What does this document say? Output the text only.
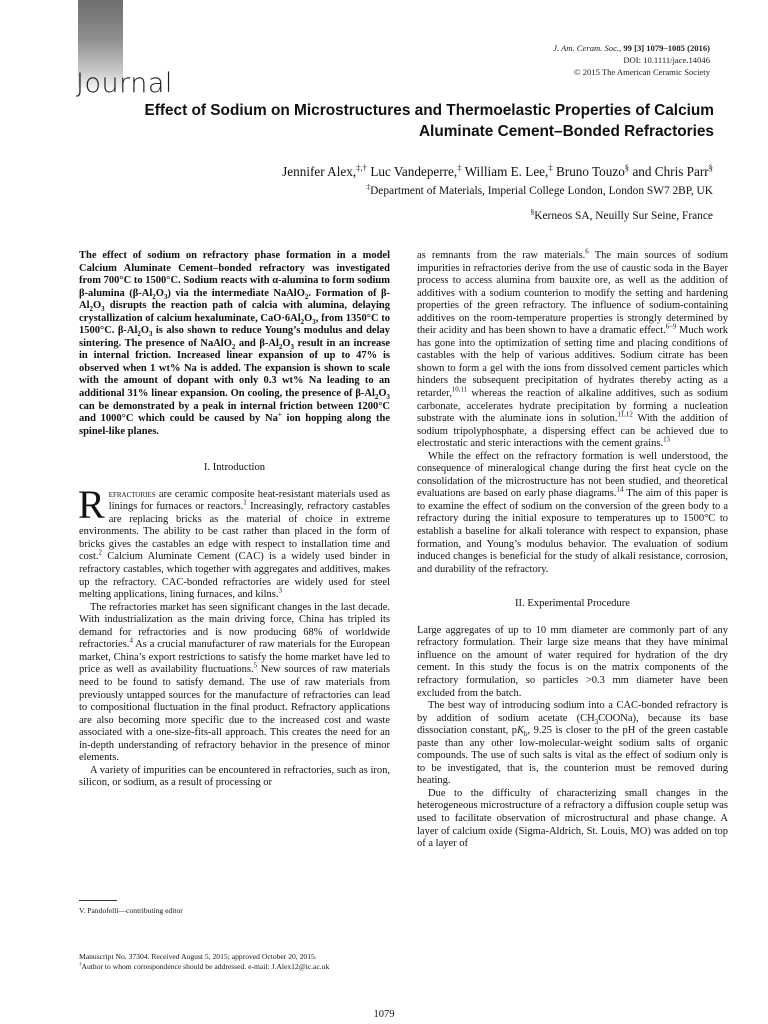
Journal
J. Am. Ceram. Soc., 99 [3] 1079–1085 (2016)
DOI: 10.1111/jace.14046
© 2015 The American Ceramic Society
Effect of Sodium on Microstructures and Thermoelastic Properties of Calcium Aluminate Cement–Bonded Refractories
Jennifer Alex,‡,† Luc Vandeperre,‡ William E. Lee,‡ Bruno Touzo§ and Chris Parr§
‡Department of Materials, Imperial College London, London SW7 2BP, UK
§Kerneos SA, Neuilly Sur Seine, France

The effect of sodium on refractory phase formation in a model Calcium Aluminate Cement–bonded refractory was investigated from 700°C to 1500°C. Sodium reacts with α-alumina to form sodium β-alumina $(\beta-Al_2O_3)$ via the intermediate NaAlO$_2$. Formation of $\beta-Al_2O_3$ disrupts the reaction path of calcia with alumina, delaying crystallization of calcium hexaluminate, $CaO\cdot 6Al_2O_3$, from 1350°C to 1500°C. $\beta-Al_2O_3$ is also shown to reduce Young’s modulus and delay sintering. The presence of NaAlO$_2$ and $\beta-Al_2O_3$ result in an increase in internal friction. Increased linear expansion of up to 47% is observed when 1 wt% Na is added. The expansion is shown to scale with the amount of dopant with only 0.3 wt% Na leading to an additional 31% linear expansion. On cooling, the presence of $\beta-Al_2O_3$ can be demonstrated by a peak in internal friction between 1200°C and 1000°C which could be caused by Na+ ion hopping along the spinel-like planes.

I. Introduction

Refractories are ceramic composite heat-resistant materials used as linings for furnaces or reactors.$^1$ Increasingly, refractory castables are replacing bricks as the material of choice in extreme environments. The ability to be cast rather than placed in the form of bricks gives the castables an edge with respect to installation time and cost.$^2$ Calcium Aluminate Cement (CAC) is a widely used binder in refractory castables, which together with aggregates and additives, makes up the refractory. CAC-bonded refractories are widely used for steel melting applications, lining furnaces, and kilns.$^3$

The refractories market has seen significant changes in the last decade. With industrialization as the main driving force, China has tripled its demand for refractories and is now producing 68% of worldwide refractories.$^4$ As a crucial manufacturer of raw materials for the European market, China’s export restrictions to satisfy the home market have led to price as well as availability fluctuations.$^5$ New sources of raw materials need to be found to satisfy demand. The use of raw materials from previously untapped sources for the manufacture of refractories can lead to compositional fluctuation in the final product. Refractory applications are also becoming more specific due to the increased cost and waste associated with a one-size-fits-all approach. This creates the need for an in-depth understanding of refractory behavior in the presence of minor elements.

A variety of impurities can be encountered in refractories, such as iron, silicon, or sodium, as a result of processing or

as remnants from the raw materials.$^6$ The main sources of sodium impurities in refractories derive from the use of caustic soda in the Bayer process to access alumina from bauxite ore, as well as the addition of additives with a sodium counterion to modify the setting and hardening properties of the green refractory. The influence of sodium-containing additives on the room-temperature properties is strongly determined by their acidity and has been shown to have a dramatic effect.$^{6-9}$ Much work has gone into the optimization of setting time and placing conditions of castables with the help of various additives. Sodium citrate has been shown to form a gel with the ions from dissolved cement particles which hinders the subsequent precipitation of hydrates thereby acting as a retarder,$^{10,11}$ whereas the reaction of alkaline additives, such as sodium carbonate, accelerates hydrate precipitation by forming a nucleation substrate with the aluminate ions in solution.$^{11,12}$ With the addition of sodium tripolyphosphate, a dispersing effect can be achieved due to electrostatic and steric interactions with the cement grains.$^{13}$

While the effect on the refractory formation is well understood, the consequence of mineralogical change during the first heat cycle on the consolidation of the microstructure has not been studied, and theoretical evaluations are based on early phase diagrams.$^{14}$ The aim of this paper is to examine the effect of sodium on the conversion of the green body to a refractory during the initial exposure to temperatures up to 1500°C to establish a baseline for alkali tolerance with respect to expansion, phase formation, and Young’s modulus behavior. The evaluation of sodium induced changes is beneficial for the study of alkali resistance, corrosion, and durability of the refractory.

II. Experimental Procedure

Large aggregates of up to 10 mm diameter are commonly part of any refractory formulation. Their large size means that they have minimal influence on the amount of water required for hydration of the dry cement. In this study the focus is on the matrix components of the refractory formulation, so particles >0.3 mm diameter have been excluded from the batch.

The best way of introducing sodium into a CAC-bonded refractory is by addition of sodium acetate $(CH_3COONa)$, because its base dissociation constant, $pK_b$, 9.25 is closer to the pH of the green castable paste than any other low-molecular-weight sodium salts of organic compounds. The use of such salts is vital as the effect of sodium only is to be investigated, that is, the counterion must be removed during heating.

Due to the difficulty of characterizing small changes in the heterogeneous microstructure of a refractory a diffusion couple setup was used to facilitate observation of microstructural and phase change. A layer of calcium oxide (Sigma-Aldrich, St. Louis, MO) was added on top of a layer of

V. Pandofelli—contributing editor
Manuscript No. 37304. Received August 5, 2015; approved October 20, 2015.
†Author to whom correspondence should be addressed. e-mail: J.Alex12@ic.ac.uk
1079
